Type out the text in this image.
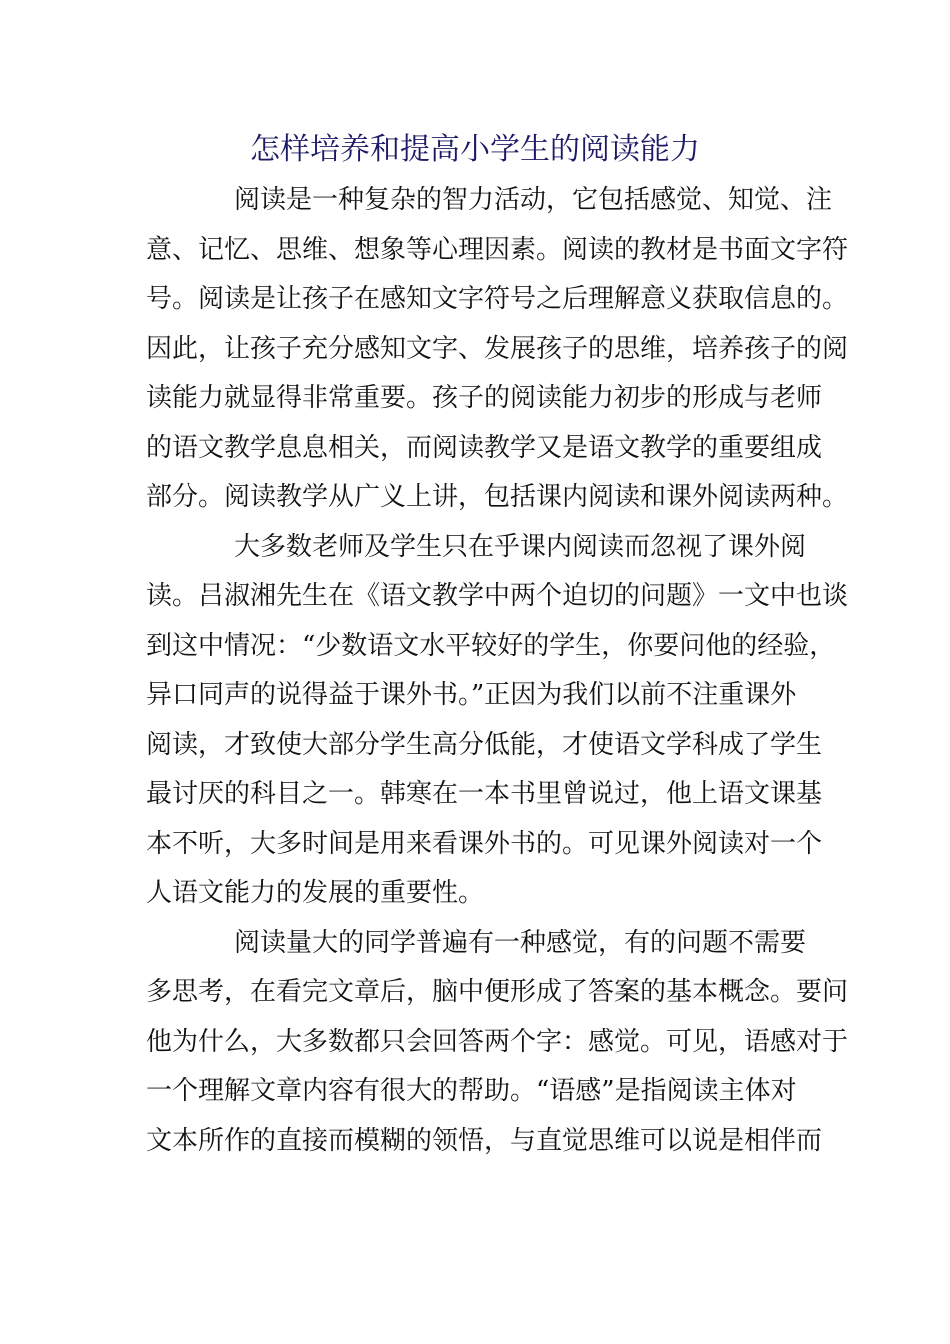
怎样培养和提高小学生的阅读能力
阅读是一种复杂的智力活动，它包括感觉、知觉、注
意、记忆、思维、想象等心理因素。阅读的教材是书面文字符
号。阅读是让孩子在感知文字符号之后理解意义获取信息的。
因此，让孩子充分感知文字、发展孩子的思维，培养孩子的阅
读能力就显得非常重要。孩子的阅读能力初步的形成与老师
的语文教学息息相关，而阅读教学又是语文教学的重要组成
部分。阅读教学从广义上讲，包括课内阅读和课外阅读两种。
大多数老师及学生只在乎课内阅读而忽视了课外阅
读。吕淑湘先生在《语文教学中两个迫切的问题》一文中也谈
到这中情况：“少数语文水平较好的学生，你要问他的经验，
异口同声的说得益于课外书。”正因为我们以前不注重课外
阅读，才致使大部分学生高分低能，才使语文学科成了学生
最讨厌的科目之一。韩寒在一本书里曾说过，他上语文课基
本不听，大多时间是用来看课外书的。可见课外阅读对一个
人语文能力的发展的重要性。
阅读量大的同学普遍有一种感觉，有的问题不需要
多思考，在看完文章后，脑中便形成了答案的基本概念。要问
他为什么，大多数都只会回答两个字：感觉。可见，语感对于
一个理解文章内容有很大的帮助。“语感”是指阅读主体对
文本所作的直接而模糊的领悟，与直觉思维可以说是相伴而
